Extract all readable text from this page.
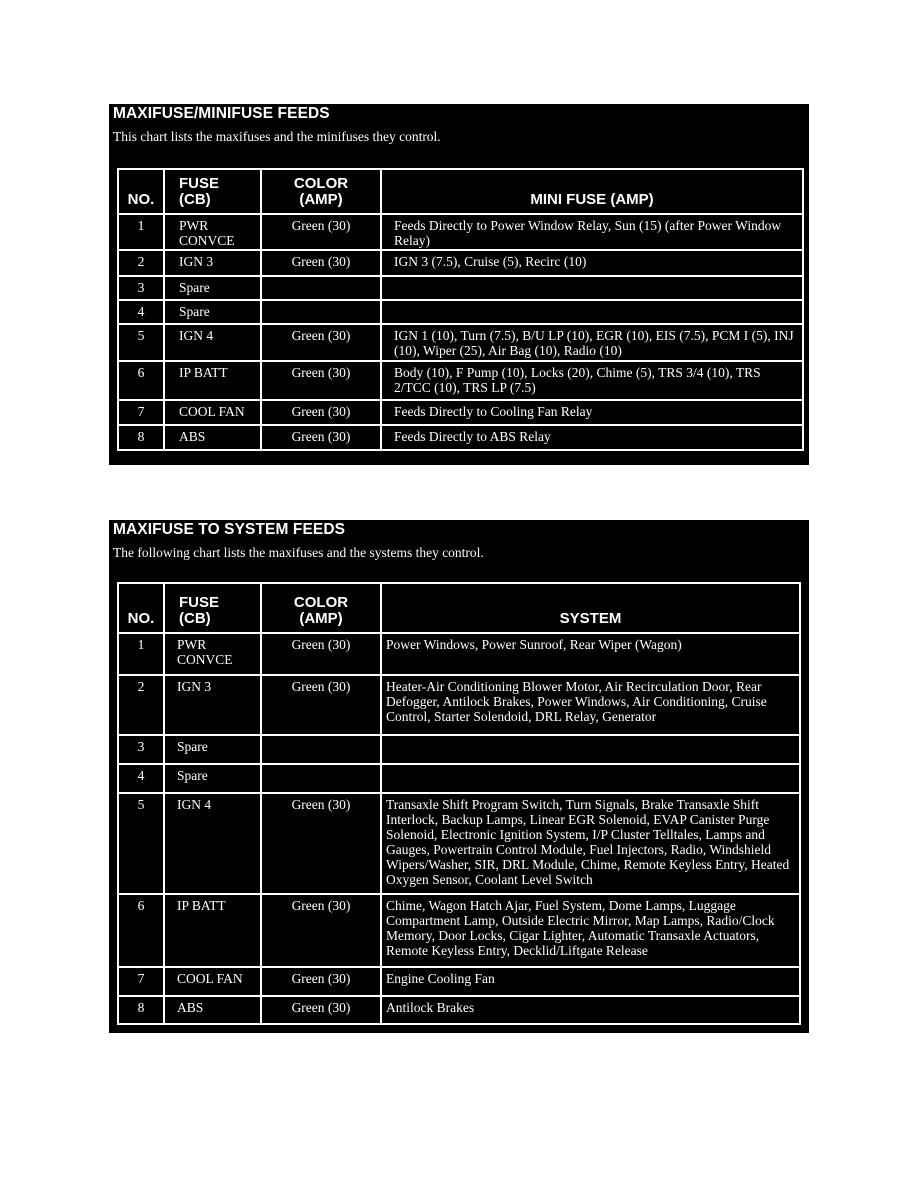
MAXIFUSE/MINIFUSE FEEDS
This chart lists the maxifuses and the minifuses they control.
NO.	FUSE (CB)	COLOR (AMP)	MINI FUSE (AMP)
1	PWR CONVCE	Green (30)	Feeds Directly to Power Window Relay, Sun (15) (after Power Window Relay)
2	IGN 3	Green (30)	IGN 3 (7.5), Cruise (5), Recirc (10)
3	Spare		
4	Spare		
5	IGN 4	Green (30)	IGN 1 (10), Turn (7.5), B/U LP (10), EGR (10), EIS (7.5), PCM I (5), INJ (10), Wiper (25), Air Bag (10), Radio (10)
6	IP BATT	Green (30)	Body (10), F Pump (10), Locks (20), Chime (5), TRS 3/4 (10), TRS 2/TCC (10), TRS LP (7.5)
7	COOL FAN	Green (30)	Feeds Directly to Cooling Fan Relay
8	ABS	Green (30)	Feeds Directly to ABS Relay
MAXIFUSE TO SYSTEM FEEDS
The following chart lists the maxifuses and the systems they control.
NO.	FUSE (CB)	COLOR (AMP)	SYSTEM
1	PWR CONVCE	Green (30)	Power Windows, Power Sunroof, Rear Wiper (Wagon)
2	IGN 3	Green (30)	Heater-Air Conditioning Blower Motor, Air Recirculation Door, Rear Defogger, Antilock Brakes, Power Windows, Air Conditioning, Cruise Control, Starter Solendoid, DRL Relay, Generator
3	Spare		
4	Spare		
5	IGN 4	Green (30)	Transaxle Shift Program Switch, Turn Signals, Brake Transaxle Shift Interlock, Backup Lamps, Linear EGR Solenoid, EVAP Canister Purge Solenoid, Electronic Ignition System, I/P Cluster Telltales, Lamps and Gauges, Powertrain Control Module, Fuel Injectors, Radio, Windshield Wipers/Washer, SIR, DRL Module, Chime, Remote Keyless Entry, Heated Oxygen Sensor, Coolant Level Switch
6	IP BATT	Green (30)	Chime, Wagon Hatch Ajar, Fuel System, Dome Lamps, Luggage Compartment Lamp, Outside Electric Mirror, Map Lamps, Radio/Clock Memory, Door Locks, Cigar Lighter, Automatic Transaxle Actuators, Remote Keyless Entry, Decklid/Liftgate Release
7	COOL FAN	Green (30)	Engine Cooling Fan
8	ABS	Green (30)	Antilock Brakes
